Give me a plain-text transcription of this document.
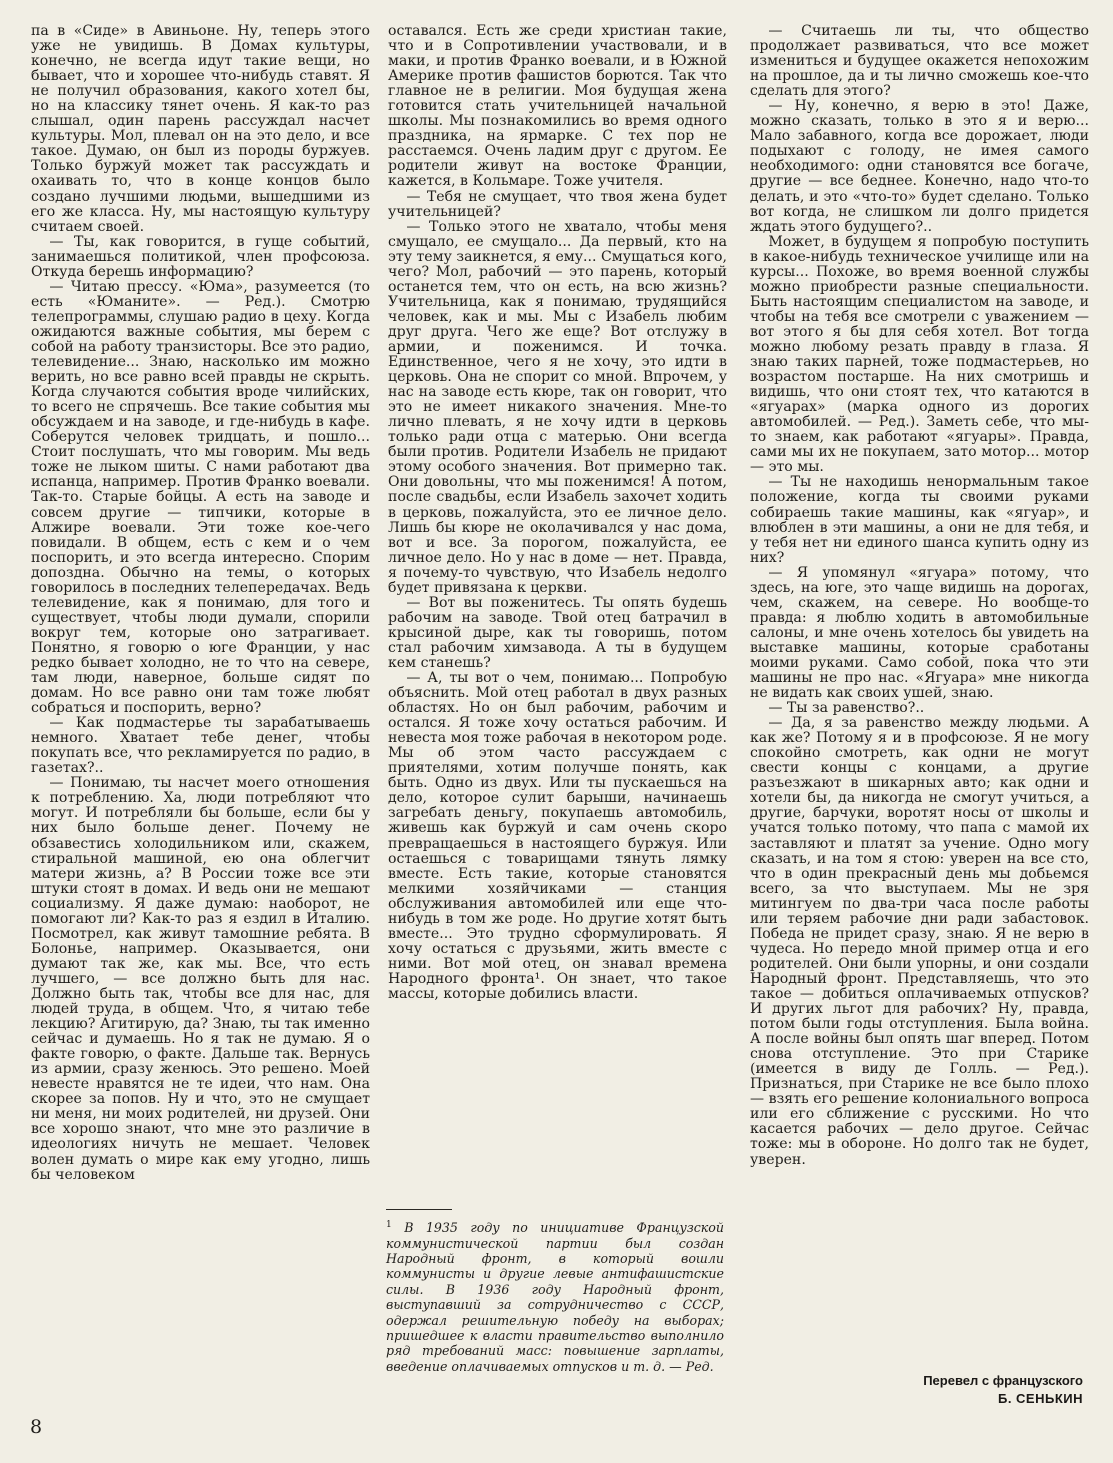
па в «Сиде» в Авиньоне. Ну, теперь этого уже не увидишь. В Домах культуры, конечно, не всегда идут такие вещи, но бывает, что и хорошее что-нибудь ставят. Я не получил образования, какого хотел бы, но на классику тянет очень. Я как-то раз слышал, один парень рассуждал насчет культуры. Мол, плевал он на это дело, и все такое. Думаю, он был из породы буржуев. Только буржуй может так рассуждать и охаивать то, что в конце концов было создано лучшими людьми, вышедшими из его же класса. Ну, мы настоящую культуру считаем своей.

— Ты, как говорится, в гуще событий, занимаешься политикой, член профсоюза. Откуда берешь информацию?

— Читаю прессу. «Юма», разумеется (то есть «Юманите». — Ред.). Смотрю телепрограммы, слушаю радио в цеху. Когда ожидаются важные события, мы берем с собой на работу транзисторы. Все это радио, телевидение... Знаю, насколько им можно верить, но все равно всей правды не скрыть. Когда случаются события вроде чилийских, то всего не спрячешь. Все такие события мы обсуждаем и на заводе, и где-нибудь в кафе. Соберутся человек тридцать, и пошло... Стоит послушать, что мы говорим. Мы ведь тоже не лыком шиты. С нами работают два испанца, например. Против Франко воевали. Так-то. Старые бойцы. А есть на заводе и совсем другие — типчики, которые в Алжире воевали. Эти тоже кое-чего повидали. В общем, есть с кем и о чем поспорить, и это всегда интересно. Спорим допоздна. Обычно на темы, о которых говорилось в последних телепередачах. Ведь телевидение, как я понимаю, для того и существует, чтобы люди думали, спорили вокруг тем, которые оно затрагивает. Понятно, я говорю о юге Франции, у нас редко бывает холодно, не то что на севере, там люди, наверное, больше сидят по домам. Но все равно они там тоже любят собраться и поспорить, верно?

— Как подмастерье ты зарабатываешь немного. Хватает тебе денег, чтобы покупать все, что рекламируется по радио, в газетах?..

— Понимаю, ты насчет моего отношения к потреблению. Ха, люди потребляют что могут. И потребляли бы больше, если бы у них было больше денег. Почему не обзавестись холодильником или, скажем, стиральной машиной, ею она облегчит матери жизнь, а? В России тоже все эти штуки стоят в домах. И ведь они не мешают социализму. Я даже думаю: наоборот, не помогают ли? Как-то раз я ездил в Италию. Посмотрел, как живут тамошние ребята. В Болонье, например. Оказывается, они думают так же, как мы. Все, что есть лучшего, — все должно быть для нас. Должно быть так, чтобы все для нас, для людей труда, в общем. Что, я читаю тебе лекцию? Агитирую, да? Знаю, ты так именно сейчас и думаешь. Но я так не думаю. Я о факте говорю, о факте. Дальше так. Вернусь из армии, сразу женюсь. Это решено. Моей невесте нравятся не те идеи, что нам. Она скорее за попов. Ну и что, это не смущает ни меня, ни моих родителей, ни друзей. Они все хорошо знают, что мне это различие в идеологиях ничуть не мешает. Человек волен думать о мире как ему угодно, лишь бы человеком

оставался. Есть же среди христиан такие, что и в Сопротивлении участвовали, и в маки, и против Франко воевали, и в Южной Америке против фашистов борются. Так что главное не в религии. Моя будущая жена готовится стать учительницей начальной школы. Мы познакомились во время одного праздника, на ярмарке. С тех пор не расстаемся. Очень ладим друг с другом. Ее родители живут на востоке Франции, кажется, в Кольмаре. Тоже учителя.

— Тебя не смущает, что твоя жена будет учительницей?

— Только этого не хватало, чтобы меня смущало, ее смущало... Да первый, кто на эту тему заикнется, я ему... Смущаться кого, чего? Мол, рабочий — это парень, который останется тем, что он есть, на всю жизнь? Учительница, как я понимаю, трудящийся человек, как и мы. Мы с Изабель любим друг друга. Чего же еще? Вот отслужу в армии, и поженимся. И точка. Единственное, чего я не хочу, это идти в церковь. Она не спорит со мной. Впрочем, у нас на заводе есть кюре, так он говорит, что это не имеет никакого значения. Мне-то лично плевать, я не хочу идти в церковь только ради отца с матерью. Они всегда были против. Родители Изабель не придают этому особого значения. Вот примерно так. Они довольны, что мы поженимся! А потом, после свадьбы, если Изабель захочет ходить в церковь, пожалуйста, это ее личное дело. Лишь бы кюре не околачивался у нас дома, вот и все. За порогом, пожалуйста, ее личное дело. Но у нас в доме — нет. Правда, я почему-то чувствую, что Изабель недолго будет привязана к церкви.

— Вот вы поженитесь. Ты опять будешь рабочим на заводе. Твой отец батрачил в крысиной дыре, как ты говоришь, потом стал рабочим химзавода. А ты в будущем кем станешь?

— А, ты вот о чем, понимаю... Попробую объяснить. Мой отец работал в двух разных областях. Но он был рабочим, рабочим и остался. Я тоже хочу остаться рабочим. И невеста моя тоже рабочая в некотором роде. Мы об этом часто рассуждаем с приятелями, хотим получше понять, как быть. Одно из двух. Или ты пускаешься на дело, которое сулит барыши, начинаешь загребать деньгу, покупаешь автомобиль, живешь как буржуй и сам очень скоро превращаешься в настоящего буржуя. Или остаешься с товарищами тянуть лямку вместе. Есть такие, которые становятся мелкими хозяйчиками — станция обслуживания автомобилей или еще что-нибудь в том же роде. Но другие хотят быть вместе... Это трудно сформулировать. Я хочу остаться с друзьями, жить вместе с ними. Вот мой отец, он знавал времена Народного фронта¹. Он знает, что такое массы, которые добились власти.

— Считаешь ли ты, что общество продолжает развиваться, что все может измениться и будущее окажется непохожим на прошлое, да и ты лично сможешь кое-что сделать для этого?

— Ну, конечно, я верю в это! Даже, можно сказать, только в это я и верю... Мало забавного, когда все дорожает, люди подыхают с голоду, не имея самого необходимого: одни становятся все богаче, другие — все беднее. Конечно, надо что-то делать, и это «что-то» будет сделано. Только вот когда, не слишком ли долго придется ждать этого будущего?..

Может, в будущем я попробую поступить в какое-нибудь техническое училище или на курсы... Похоже, во время военной службы можно приобрести разные специальности. Быть настоящим специалистом на заводе, и чтобы на тебя все смотрели с уважением — вот этого я бы для себя хотел. Вот тогда можно любому резать правду в глаза. Я знаю таких парней, тоже подмастерьев, но возрастом постарше. На них смотришь и видишь, что они стоят тех, что катаются в «ягуарах» (марка одного из дорогих автомобилей. — Ред.). Заметь себе, что мы-то знаем, как работают «ягуары». Правда, сами мы их не покупаем, зато мотор... мотор — это мы.

— Ты не находишь ненормальным такое положение, когда ты своими руками собираешь такие машины, как «ягуар», и влюблен в эти машины, а они не для тебя, и у тебя нет ни единого шанса купить одну из них?

— Я упомянул «ягуара» потому, что здесь, на юге, это чаще видишь на дорогах, чем, скажем, на севере. Но вообще-то правда: я люблю ходить в автомобильные салоны, и мне очень хотелось бы увидеть на выставке машины, которые сработаны моими руками. Само собой, пока что эти машины не про нас. «Ягуара» мне никогда не видать как своих ушей, знаю.

— Ты за равенство?..

— Да, я за равенство между людьми. А как же? Потому я и в профсоюзе. Я не могу спокойно смотреть, как одни не могут свести концы с концами, а другие разъезжают в шикарных авто; как одни и хотели бы, да никогда не смогут учиться, а другие, барчуки, воротят носы от школы и учатся только потому, что папа с мамой их заставляют и платят за учение. Одно могу сказать, и на том я стою: уверен на все сто, что в один прекрасный день мы добьемся всего, за что выступаем. Мы не зря митингуем по два-три часа после работы или теряем рабочие дни ради забастовок. Победа не придет сразу, знаю. Я не верю в чудеса. Но передо мной пример отца и его родителей. Они были упорны, и они создали Народный фронт. Представляешь, что это такое — добиться оплачиваемых отпусков? И других льгот для рабочих? Ну, правда, потом были годы отступления. Была война. А после войны был опять шаг вперед. Потом снова отступление. Это при Старике (имеется в виду де Голль. — Ред.). Признаться, при Старике не все было плохо — взять его решение колониального вопроса или его сближение с русскими. Но что касается рабочих — дело другое. Сейчас тоже: мы в обороне. Но долго так не будет, уверен.

$^1$ В 1935 году по инициативе Французской коммунистической партии был создан Народный фронт, в который вошли коммунисты и другие левые антифашистские силы. В 1936 году Народный фронт, выступавший за сотрудничество с СССР, одержал решительную победу на выборах; пришедшее к власти правительство выполнило ряд требований масс: повышение зарплаты, введение оплачиваемых отпусков и т. д. — Ред.
Перевел с французского
Б. СЕНЬКИН
8
